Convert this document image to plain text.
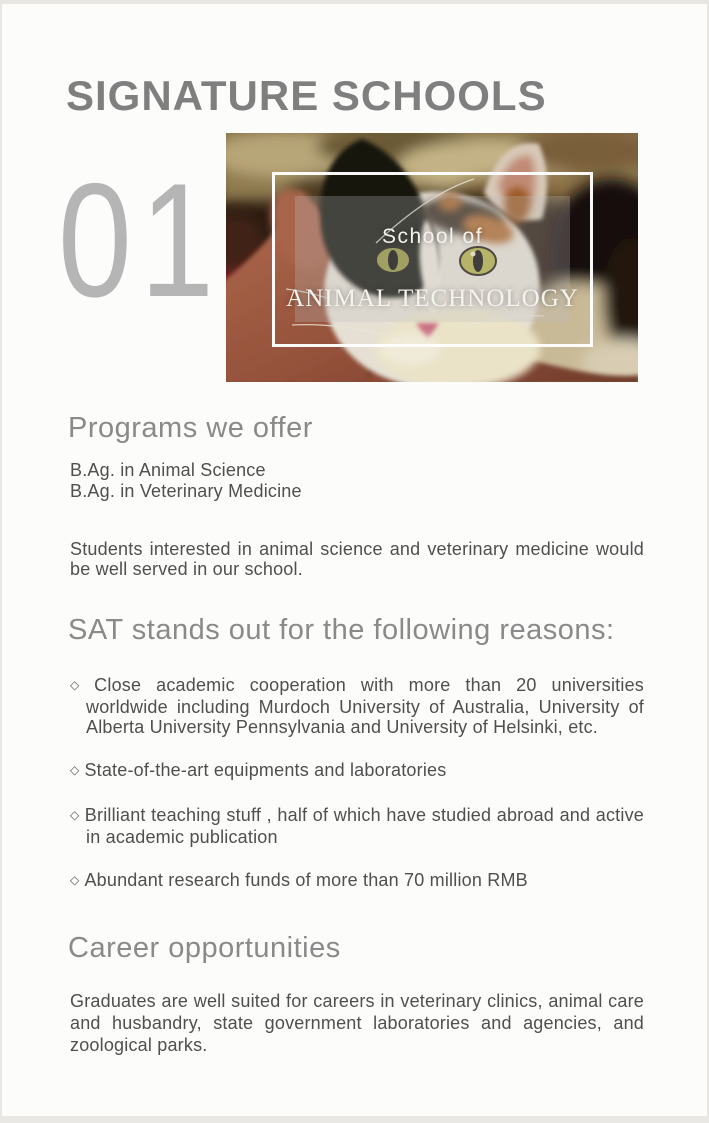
SIGNATURE SCHOOLS
01	School of
ANIMAL TECHNOLOGY
Programs we offer

B.Ag. in Animal Science

B.Ag. in Veterinary Medicine

Students interested in animal science and veterinary medicine would be well served in our school.

SAT stands out for the following reasons:

◇ Close academic cooperation with more than 20 universities worldwide including Murdoch University of Australia, University of Alberta University Pennsylvania and University of Helsinki, etc.

◇ State-of-the-art equipments and laboratories

◇ Brilliant teaching stuff , half of which have studied abroad and active in academic publication

◇ Abundant research funds of more than 70 million RMB

Career opportunities

Graduates are well suited for careers in veterinary clinics, animal care and husbandry, state government laboratories and agencies, and zoological parks.
